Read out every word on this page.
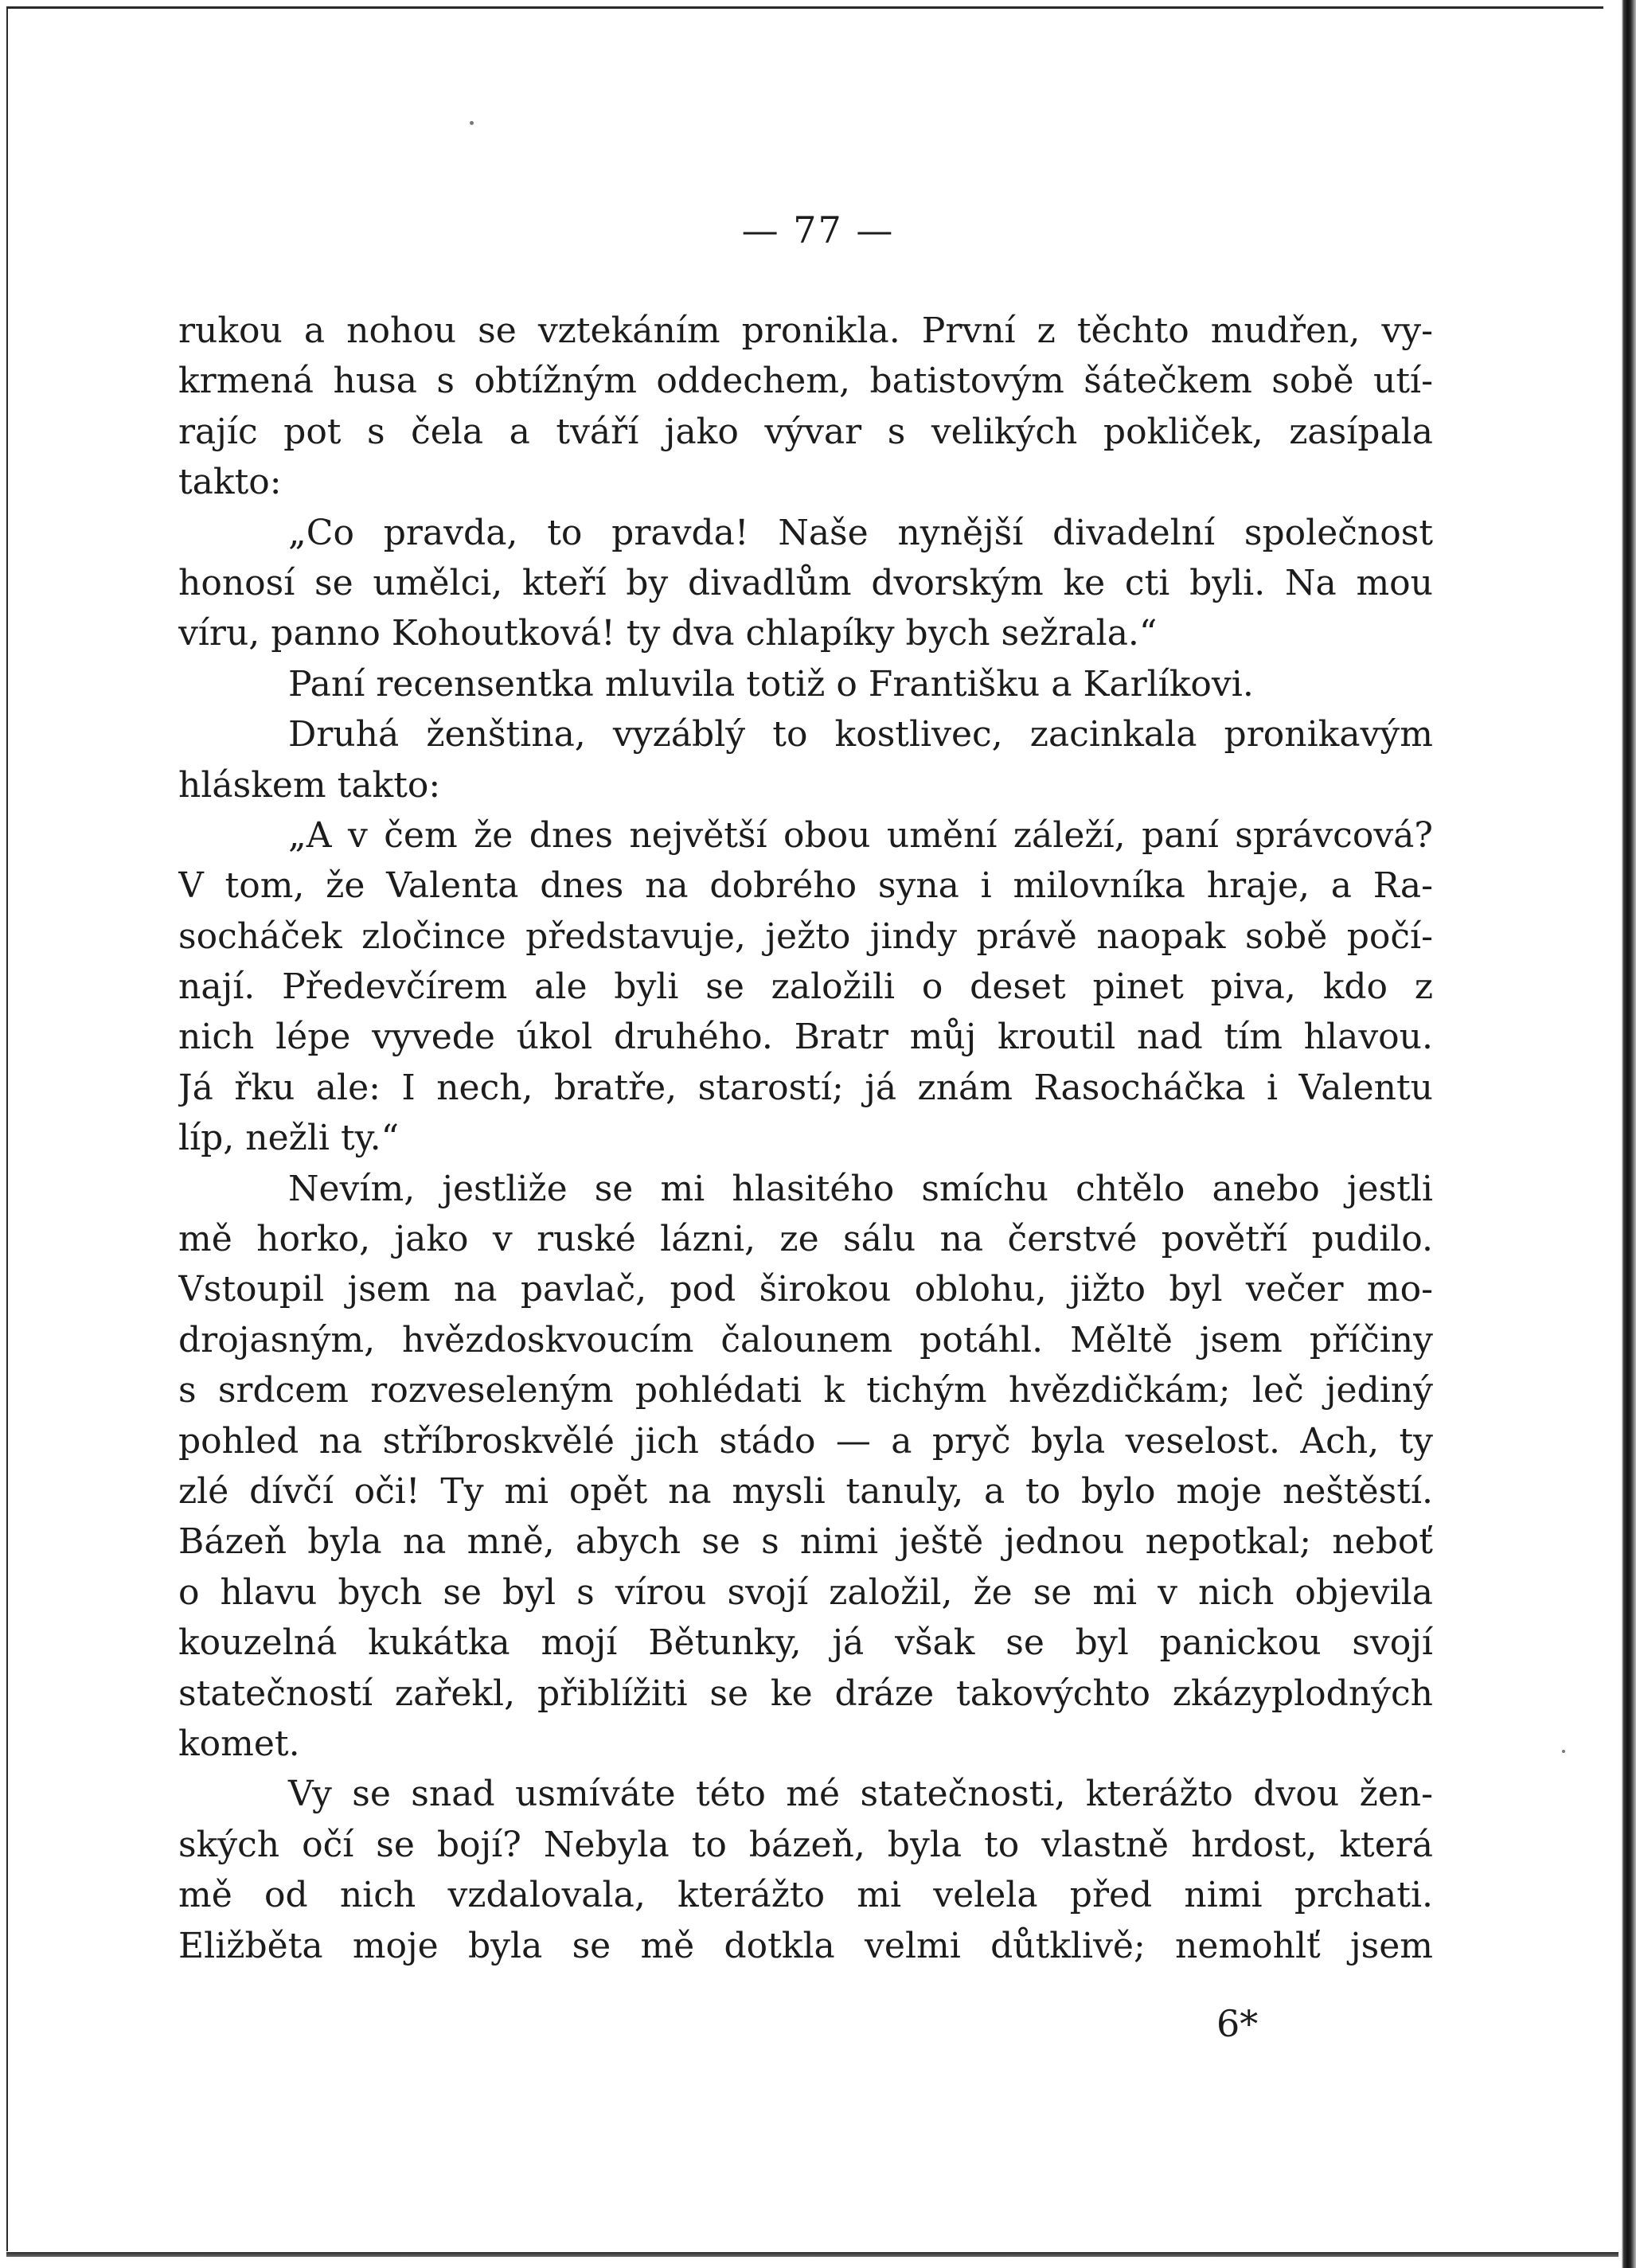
— 77 —
rukou a nohou se vztekáním pronikla. První z těchto mudřen, vy-
krmená husa s obtížným oddechem, batistovým šátečkem sobě utí-
rajíc pot s čela a tváří jako vývar s velikých pokliček, zasípala
takto:
„Co pravda, to pravda! Naše nynější divadelní společnost
honosí se umělci, kteří by divadlům dvorským ke cti byli. Na mou
víru, panno Kohoutková! ty dva chlapíky bych sežrala.“
Paní recensentka mluvila totiž o Františku a Karlíkovi.
Druhá ženština, vyzáblý to kostlivec, zacinkala pronikavým
hláskem takto:
„A v čem že dnes největší obou umění záleží, paní správcová?
V tom, že Valenta dnes na dobrého syna i milovníka hraje, a Ra-
socháček zločince představuje, ježto jindy právě naopak sobě počí-
nají. Předevčírem ale byli se založili o deset pinet piva, kdo z
nich lépe vyvede úkol druhého. Bratr můj kroutil nad tím hlavou.
Já řku ale: I nech, bratře, starostí; já znám Rasocháčka i Valentu
líp, nežli ty.“
Nevím, jestliže se mi hlasitého smíchu chtělo anebo jestli
mě horko, jako v ruské lázni, ze sálu na čerstvé povětří pudilo.
Vstoupil jsem na pavlač, pod širokou oblohu, jižto byl večer mo-
drojasným, hvězdoskvoucím čalounem potáhl. Měltě jsem příčiny
s srdcem rozveseleným pohlédati k tichým hvězdičkám; leč jediný
pohled na stříbroskvělé jich stádo — a pryč byla veselost. Ach, ty
zlé dívčí oči! Ty mi opět na mysli tanuly, a to bylo moje neštěstí.
Bázeň byla na mně, abych se s nimi ještě jednou nepotkal; neboť
o hlavu bych se byl s vírou svojí založil, že se mi v nich objevila
kouzelná kukátka mojí Bětunky, já však se byl panickou svojí
statečností zařekl, přiblížiti se ke dráze takovýchto zkázyplodných
komet.
Vy se snad usmíváte této mé statečnosti, kterážto dvou žen-
ských očí se bojí? Nebyla to bázeň, byla to vlastně hrdost, která
mě od nich vzdalovala, kterážto mi velela před nimi prchati.
Eližběta moje byla se mě dotkla velmi důtklivě; nemohlť jsem
6*
